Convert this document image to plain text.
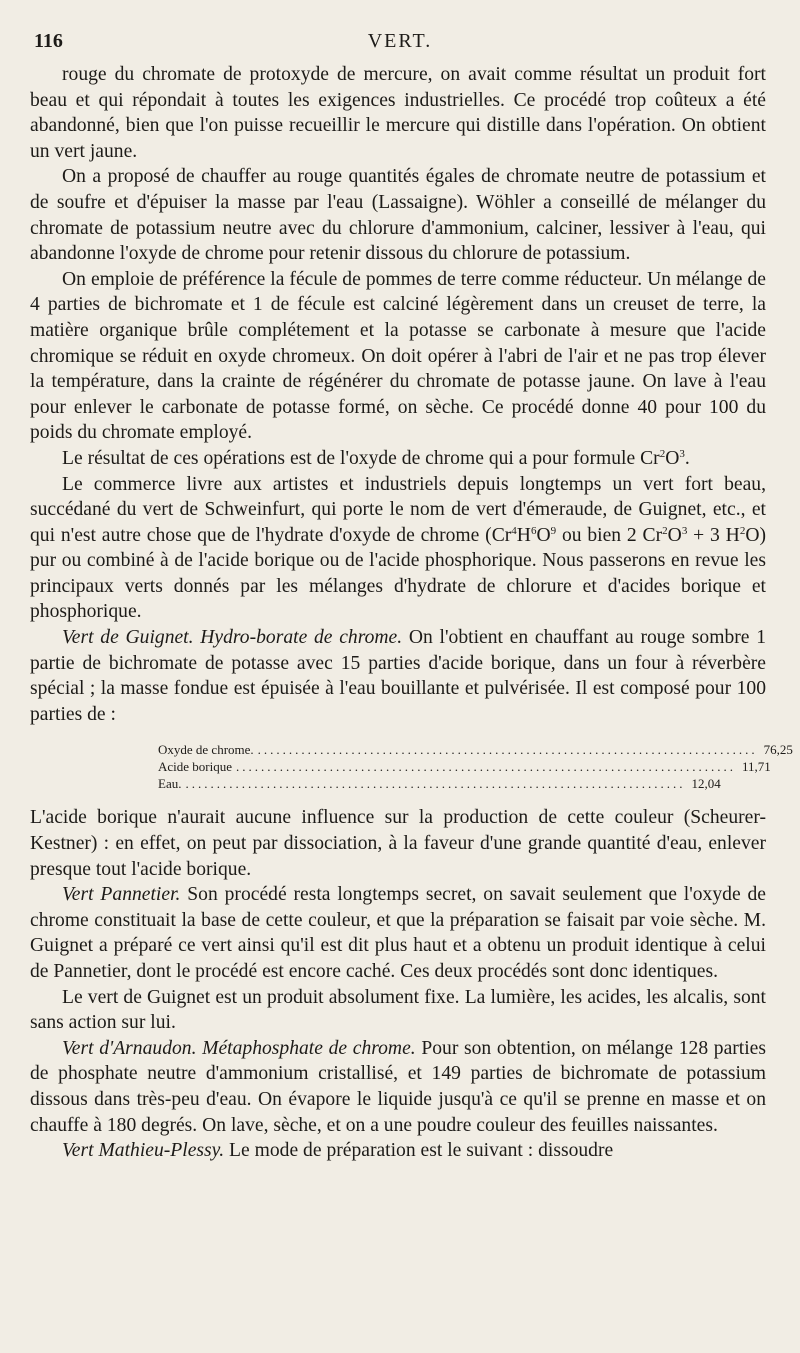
116	VERT.

rouge du chromate de protoxyde de mercure, on avait comme résultat un produit fort beau et qui répondait à toutes les exigences industrielles. Ce procédé trop coûteux a été abandonné, bien que l'on puisse recueillir le mercure qui distille dans l'opération. On obtient un vert jaune.

On a proposé de chauffer au rouge quantités égales de chromate neutre de potassium et de soufre et d'épuiser la masse par l'eau (Lassaigne). Wöhler a conseillé de mélanger du chromate de potassium neutre avec du chlorure d'ammonium, calciner, lessiver à l'eau, qui abandonne l'oxyde de chrome pour retenir dissous du chlorure de potassium.

On emploie de préférence la fécule de pommes de terre comme réducteur. Un mélange de 4 parties de bichromate et 1 de fécule est calciné légèrement dans un creuset de terre, la matière organique brûle complétement et la potasse se carbonate à mesure que l'acide chromique se réduit en oxyde chromeux. On doit opérer à l'abri de l'air et ne pas trop élever la température, dans la crainte de régénérer du chromate de potasse jaune. On lave à l'eau pour enlever le carbonate de potasse formé, on sèche. Ce procédé donne 40 pour 100 du poids du chromate employé.

Le résultat de ces opérations est de l'oxyde de chrome qui a pour formule $Cr^2O^3$.

Le commerce livre aux artistes et industriels depuis longtemps un vert fort beau, succédané du vert de Schweinfurt, qui porte le nom de vert d'émeraude, de Guignet, etc., et qui n'est autre chose que de l'hydrate d'oxyde de chrome ($Cr^4H^6O^9$ ou bien 2 $Cr^2O^3 + 3$ $H^2O$) pur ou combiné à de l'acide borique ou de l'acide phosphorique. Nous passerons en revue les principaux verts donnés par les mélanges d'hydrate de chlorure et d'acides borique et phosphorique.

Vert de Guignet. Hydro-borate de chrome. On l'obtient en chauffant au rouge sombre 1 partie de bichromate de potasse avec 15 parties d'acide borique, dans un four à réverbère spécial ; la masse fondue est épuisée à l'eau bouillante et pulvérisée. Il est composé pour 100 parties de :

Oxyde de chrome. ................................................................................ 76,25
Acide borique ................................................................................ 11,71
Eau. ................................................................................ 12,04

L'acide borique n'aurait aucune influence sur la production de cette couleur (Scheurer-Kestner) : en effet, on peut par dissociation, à la faveur d'une grande quantité d'eau, enlever presque tout l'acide borique.

Vert Pannetier. Son procédé resta longtemps secret, on savait seulement que l'oxyde de chrome constituait la base de cette couleur, et que la préparation se faisait par voie sèche. M. Guignet a préparé ce vert ainsi qu'il est dit plus haut et a obtenu un produit identique à celui de Pannetier, dont le procédé est encore caché. Ces deux procédés sont donc identiques.

Le vert de Guignet est un produit absolument fixe. La lumière, les acides, les alcalis, sont sans action sur lui.

Vert d'Arnaudon. Métaphosphate de chrome. Pour son obtention, on mélange 128 parties de phosphate neutre d'ammonium cristallisé, et 149 parties de bichromate de potassium dissous dans très-peu d'eau. On évapore le liquide jusqu'à ce qu'il se prenne en masse et on chauffe à 180 degrés. On lave, sèche, et on a une poudre couleur des feuilles naissantes.

Vert Mathieu-Plessy. Le mode de préparation est le suivant : dissoudre
